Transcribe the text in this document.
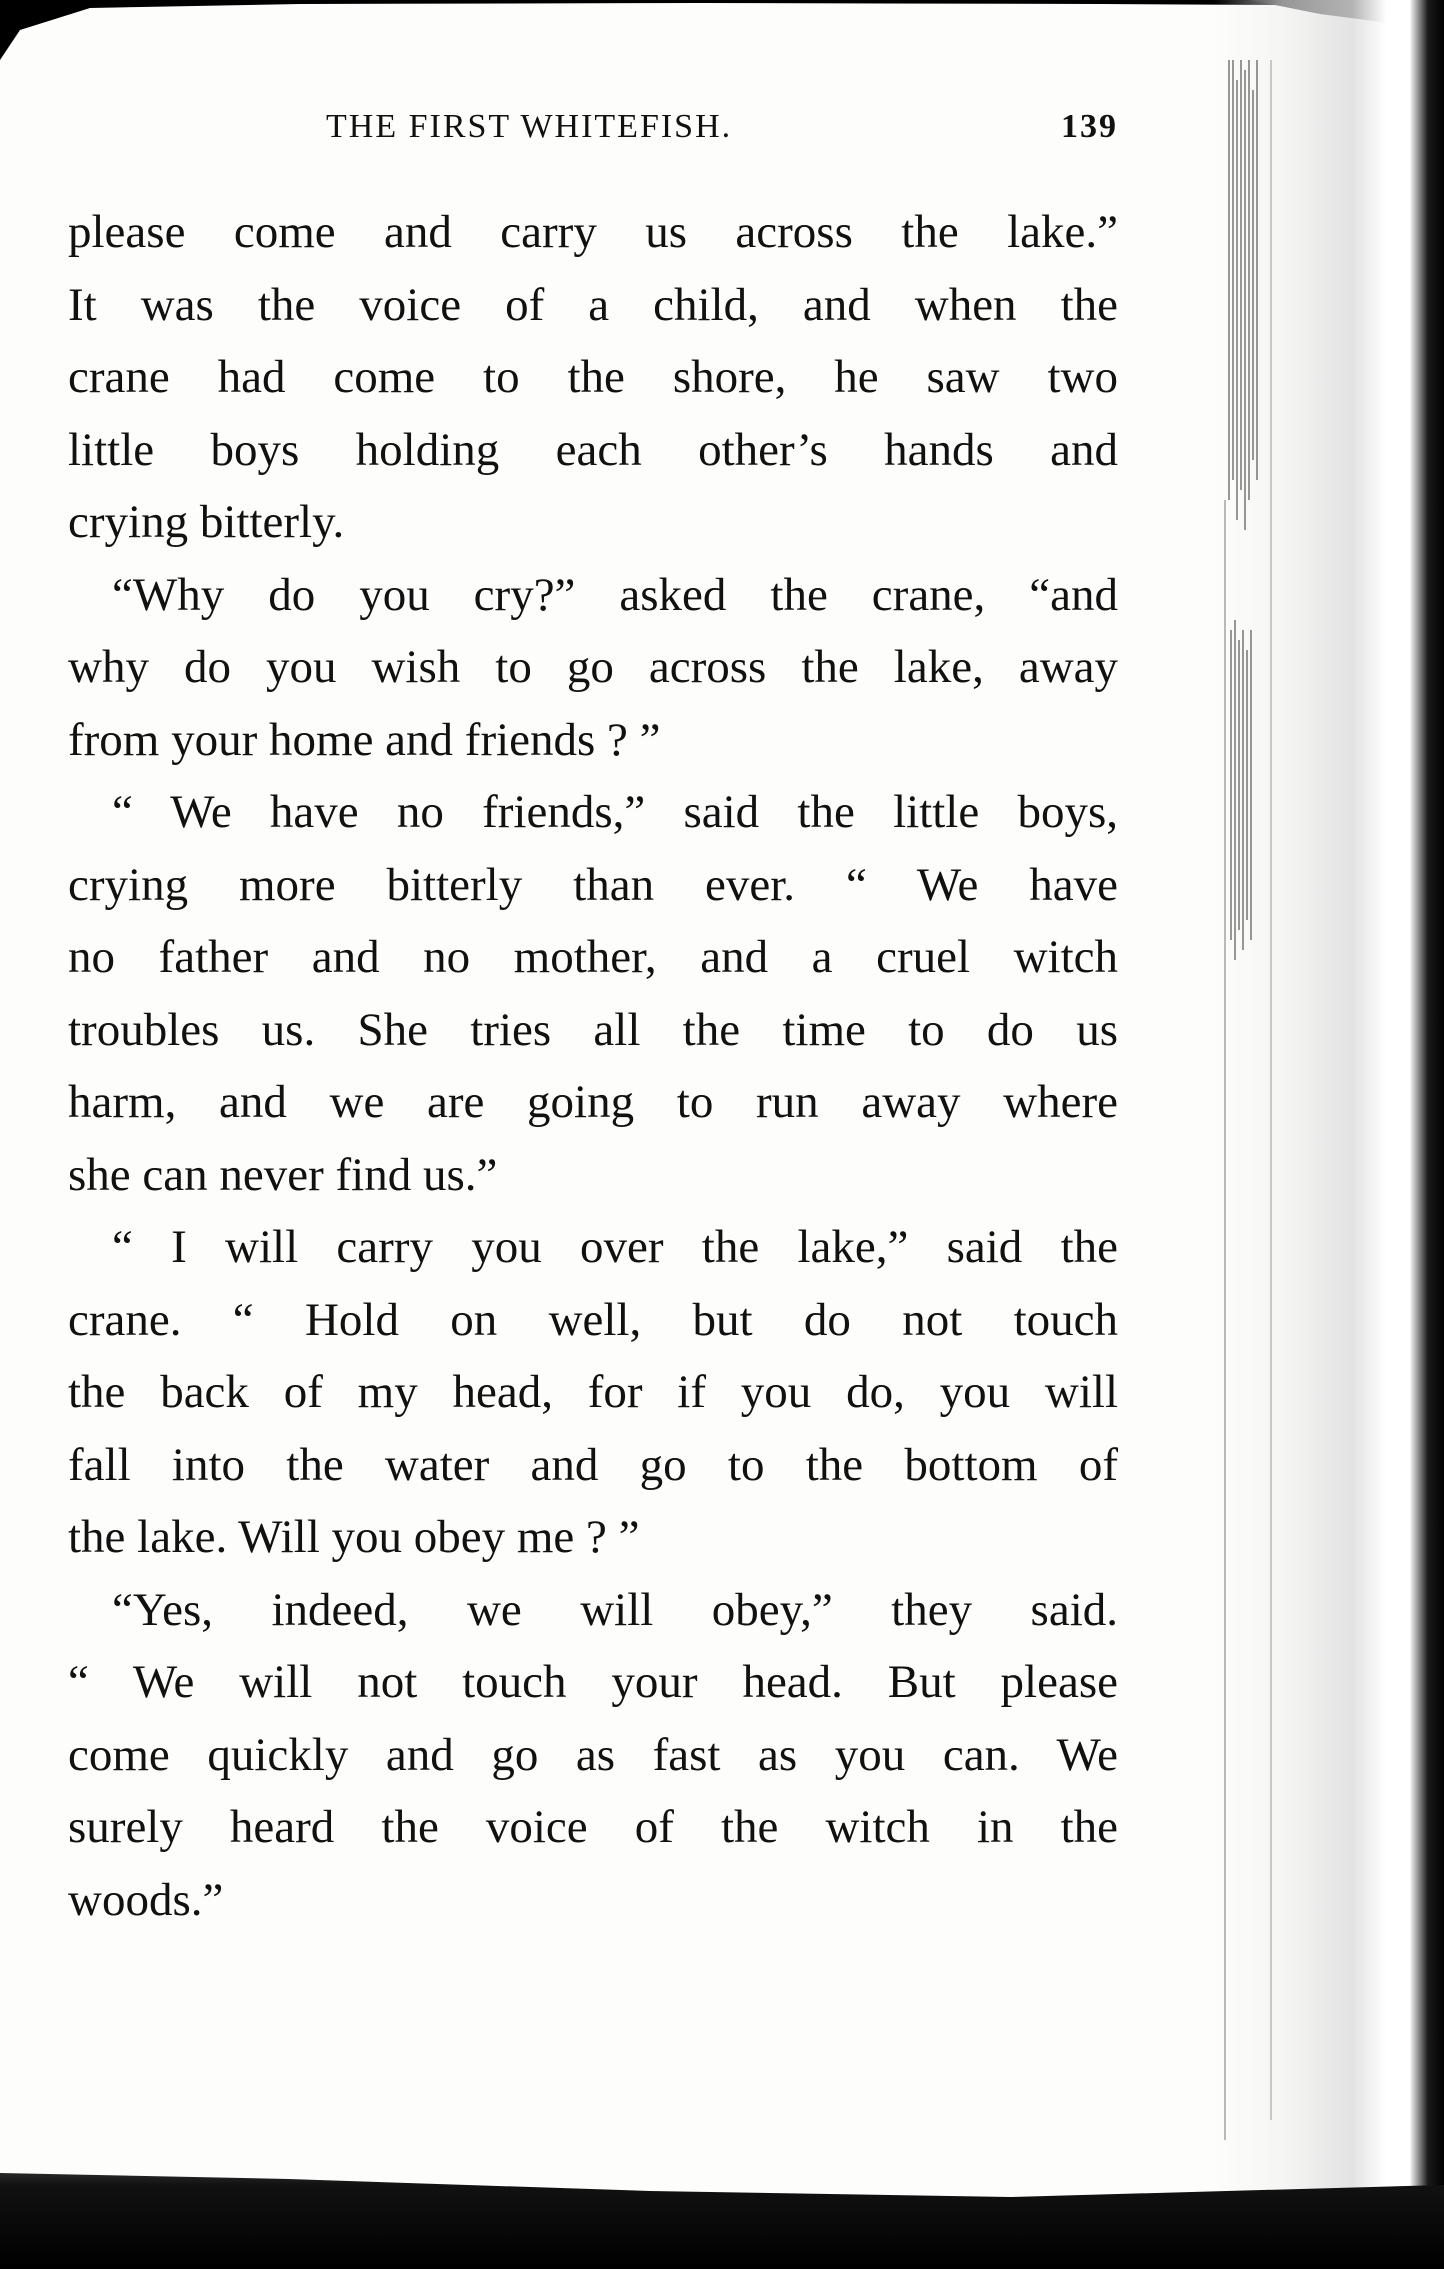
THE FIRST WHITEFISH.	139
please come and carry us across the lake.”
It was the voice of a child, and when the
crane had come to the shore, he saw two
little boys holding each other’s hands and
crying bitterly.
“Why do you cry?” asked the crane, “and
why do you wish to go across the lake, away
from your home and friends ? ”
“ We have no friends,” said the little boys,
crying more bitterly than ever. “ We have
no father and no mother, and a cruel witch
troubles us. She tries all the time to do us
harm, and we are going to run away where
she can never find us.”
“ I will carry you over the lake,” said the
crane. “ Hold on well, but do not touch
the back of my head, for if you do, you will
fall into the water and go to the bottom of
the lake. Will you obey me ? ”
“Yes, indeed, we will obey,” they said.
“ We will not touch your head. But please
come quickly and go as fast as you can. We
surely heard the voice of the witch in the
woods.”
